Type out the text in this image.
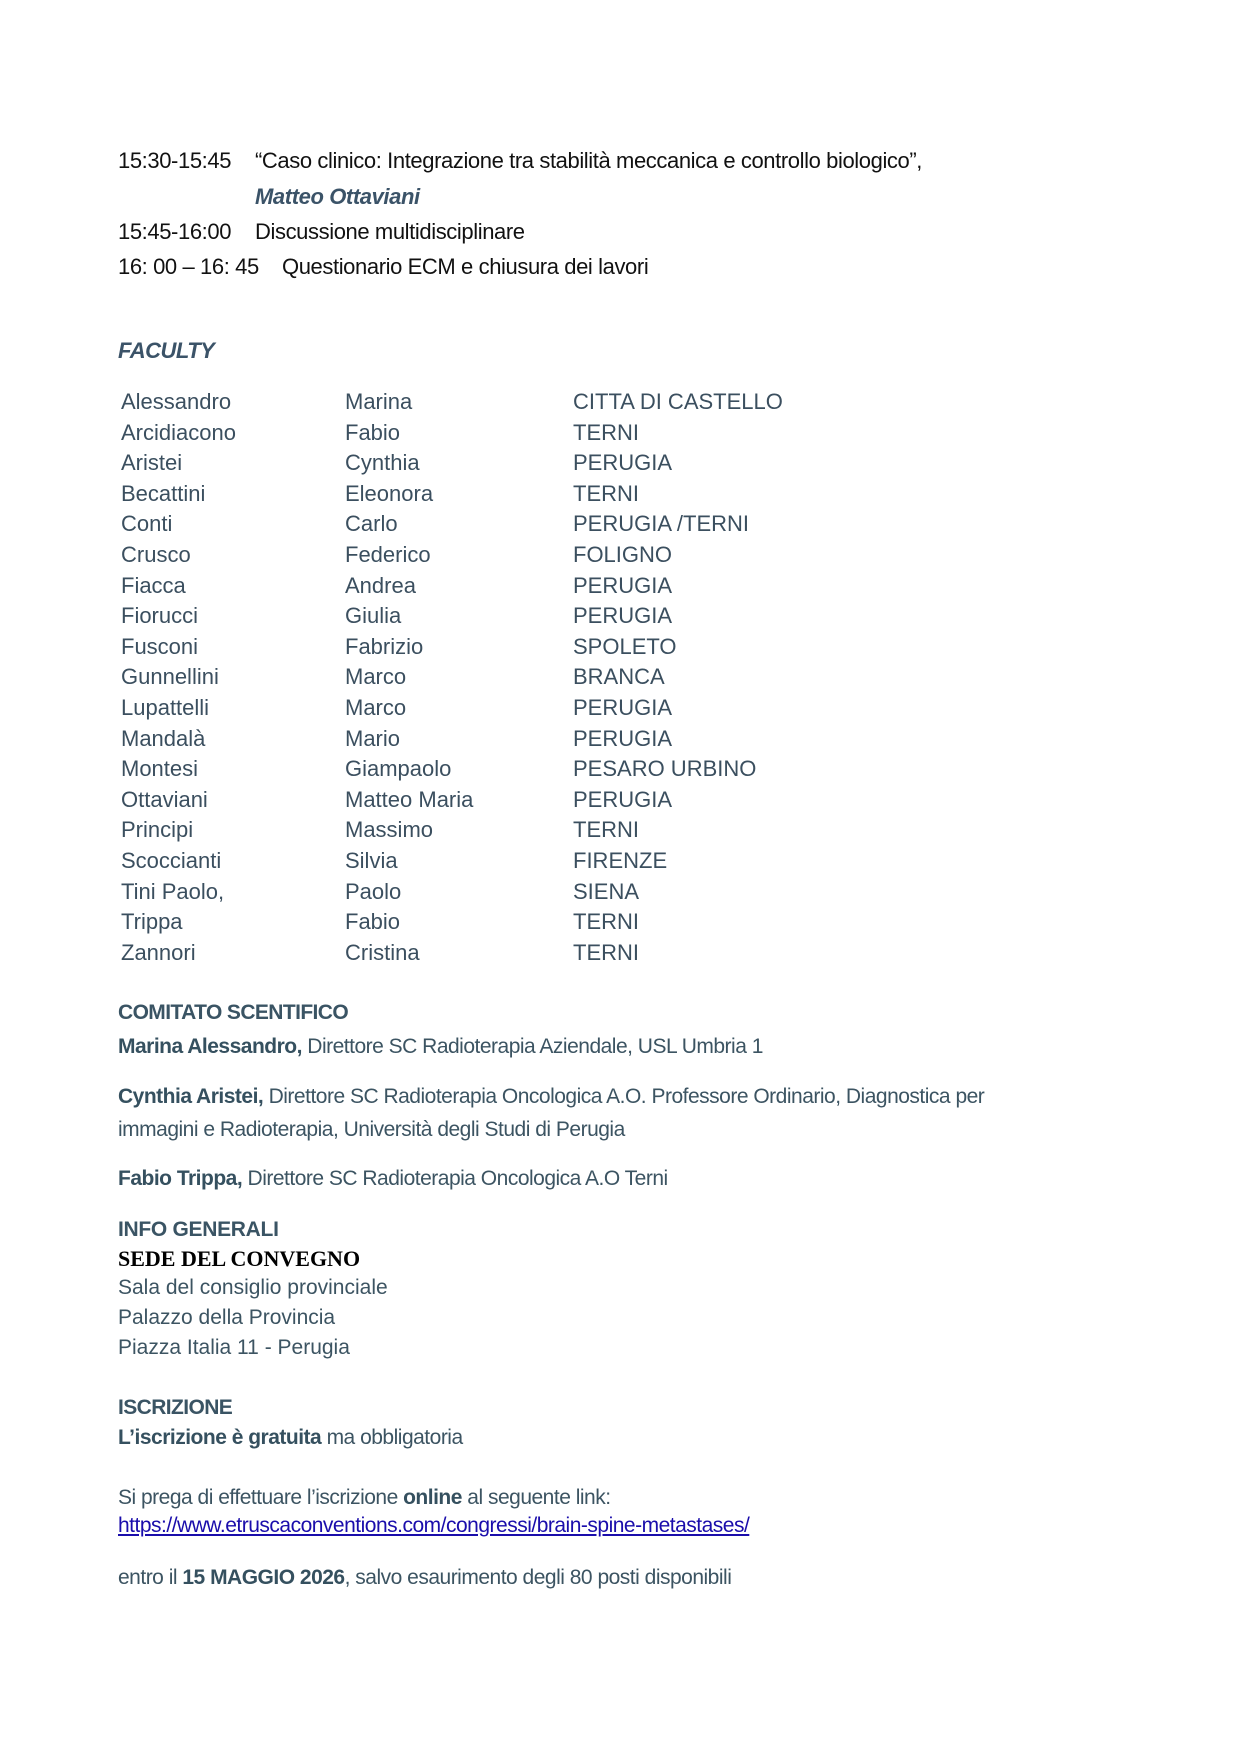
15:30-15:45 “Caso clinico: Integrazione tra stabilità meccanica e controllo biologico”,
Matteo Ottaviani
15:45-16:00 Discussione multidisciplinare
16: 00 – 16: 45 Questionario ECM e chiusura dei lavori
FACULTY
Alessandro	Marina	CITTA DI CASTELLO
Arcidiacono	Fabio	TERNI
Aristei	Cynthia	PERUGIA
Becattini	Eleonora	TERNI
Conti	Carlo	PERUGIA /TERNI
Crusco	Federico	FOLIGNO
Fiacca	Andrea	PERUGIA
Fiorucci	Giulia	PERUGIA
Fusconi	Fabrizio	SPOLETO
Gunnellini	Marco	BRANCA
Lupattelli	Marco	PERUGIA
Mandalà	Mario	PERUGIA
Montesi	Giampaolo	PESARO URBINO
Ottaviani	Matteo Maria	PERUGIA
Principi	Massimo	TERNI
Scoccianti	Silvia	FIRENZE
Tini Paolo,	Paolo	SIENA
Trippa	Fabio	TERNI
Zannori	Cristina	TERNI
COMITATO SCENTIFICO
Marina Alessandro, Direttore SC Radioterapia Aziendale, USL Umbria 1
Cynthia Aristei, Direttore SC Radioterapia Oncologica A.O. Professore Ordinario, Diagnostica per
immagini e Radioterapia, Università degli Studi di Perugia
Fabio Trippa, Direttore SC Radioterapia Oncologica A.O Terni
INFO GENERALI
SEDE DEL CONVEGNO
Sala del consiglio provinciale
Palazzo della Provincia
Piazza Italia 11 - Perugia
ISCRIZIONE
L’iscrizione è gratuita ma obbligatoria
Si prega di effettuare l’iscrizione online al seguente link:
https://www.etruscaconventions.com/congressi/brain-spine-metastases/
entro il 15 MAGGIO 2026, salvo esaurimento degli 80 posti disponibili
